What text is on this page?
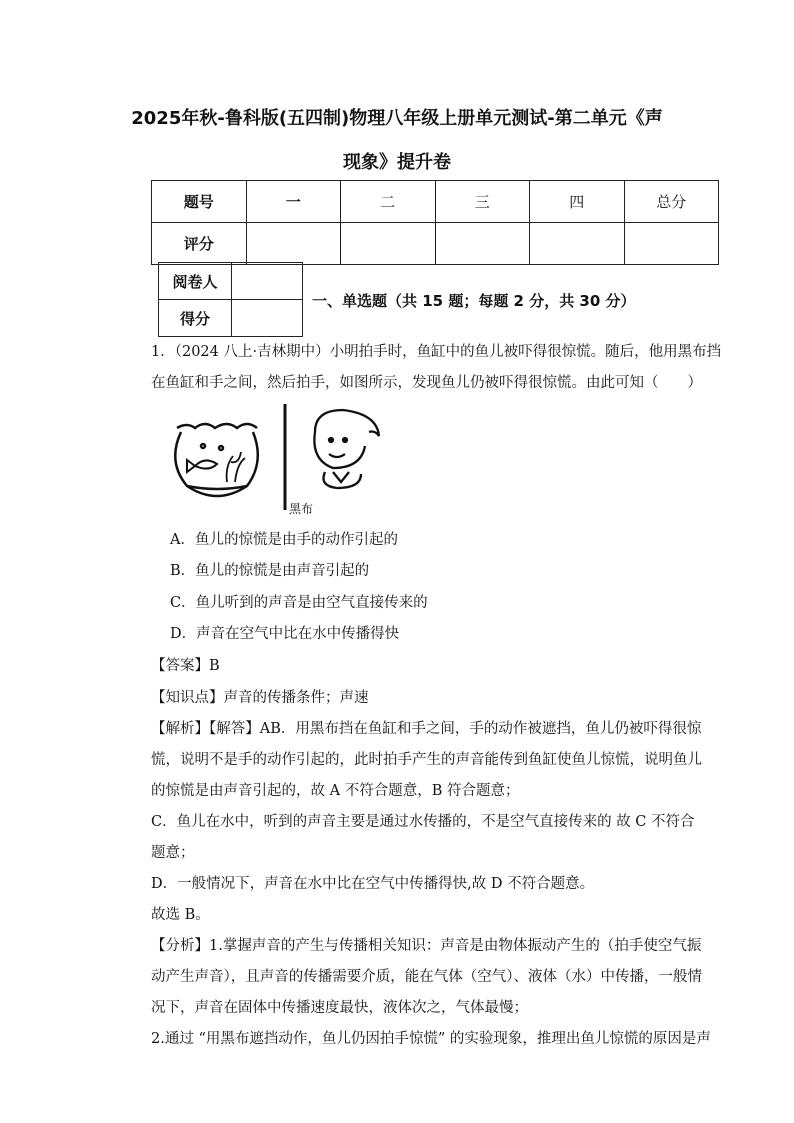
2025年秋-鲁科版(五四制)物理八年级上册单元测试-第二单元《声
现象》提升卷
题号	一	二	三	四	总分
评分					
阅卷人	
得分	
一、单选题（共 15 题；每题 2 分，共 30 分）
1．（2024 八上·吉林期中）小明拍手时，鱼缸中的鱼儿被吓得很惊慌。随后，他用黑布挡
在鱼缸和手之间，然后拍手，如图所示，发现鱼儿仍被吓得很惊慌。由此可知（　　）
黑布
A．鱼儿的惊慌是由手的动作引起的
B．鱼儿的惊慌是由声音引起的
C．鱼儿听到的声音是由空气直接传来的
D．声音在空气中比在水中传播得快
【答案】B
【知识点】声音的传播条件；声速
【解析】【解答】AB．用黑布挡在鱼缸和手之间，手的动作被遮挡，鱼儿仍被吓得很惊
慌，说明不是手的动作引起的，此时拍手产生的声音能传到鱼缸使鱼儿惊慌，说明鱼儿
的惊慌是由声音引起的，故 A 不符合题意，B 符合题意；
C．鱼儿在水中，听到的声音主要是通过水传播的，不是空气直接传来的 故 C 不符合
题意；
D．一般情况下，声音在水中比在空气中传播得快,故 D 不符合题意。
故选 B。
【分析】1.掌握声音的产生与传播相关知识：声音是由物体振动产生的（拍手使空气振
动产生声音），且声音的传播需要介质，能在气体（空气）、液体（水）中传播，一般情
况下，声音在固体中传播速度最快，液体次之，气体最慢；
2.通过 “用黑布遮挡动作，鱼儿仍因拍手惊慌” 的实验现象，推理出鱼儿惊慌的原因是声
